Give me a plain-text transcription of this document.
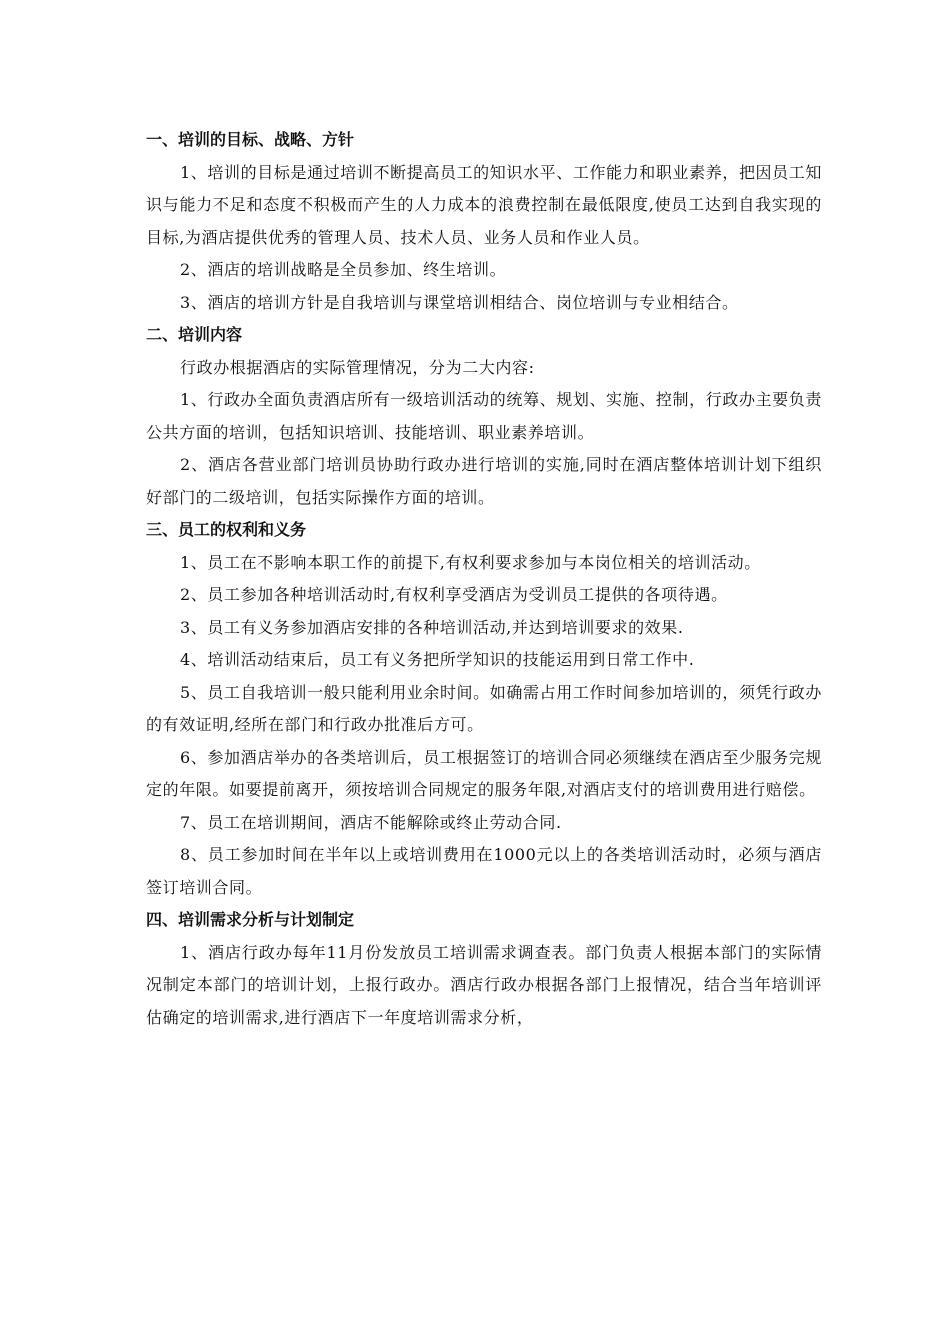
一、培训的目标、战略、方针

1、培训的目标是通过培训不断提高员工的知识水平、工作能力和职业素养，把因员工知识与能力不足和态度不积极而产生的人力成本的浪费控制在最低限度,使员工达到自我实现的目标,为酒店提供优秀的管理人员、技术人员、业务人员和作业人员。

2、酒店的培训战略是全员参加、终生培训。

3、酒店的培训方针是自我培训与课堂培训相结合、岗位培训与专业相结合。

二、培训内容

行政办根据酒店的实际管理情况，分为二大内容:

1、行政办全面负责酒店所有一级培训活动的统筹、规划、实施、控制，行政办主要负责公共方面的培训，包括知识培训、技能培训、职业素养培训。

2、酒店各营业部门培训员协助行政办进行培训的实施,同时在酒店整体培训计划下组织好部门的二级培训，包括实际操作方面的培训。

三、员工的权利和义务

1、员工在不影响本职工作的前提下,有权利要求参加与本岗位相关的培训活动。

2、员工参加各种培训活动时,有权利享受酒店为受训员工提供的各项待遇。

3、员工有义务参加酒店安排的各种培训活动,并达到培训要求的效果.

4、培训活动结束后，员工有义务把所学知识的技能运用到日常工作中.

5、员工自我培训一般只能利用业余时间。如确需占用工作时间参加培训的，须凭行政办的有效证明,经所在部门和行政办批准后方可。

6、参加酒店举办的各类培训后，员工根据签订的培训合同必须继续在酒店至少服务完规定的年限。如要提前离开，须按培训合同规定的服务年限,对酒店支付的培训费用进行赔偿。

7、员工在培训期间，酒店不能解除或终止劳动合同.

8、员工参加时间在半年以上或培训费用在1000元以上的各类培训活动时，必须与酒店签订培训合同。

四、培训需求分析与计划制定

1、酒店行政办每年11月份发放员工培训需求调查表。部门负责人根据本部门的实际情况制定本部门的培训计划，上报行政办。酒店行政办根据各部门上报情况，结合当年培训评估确定的培训需求,进行酒店下一年度培训需求分析，
